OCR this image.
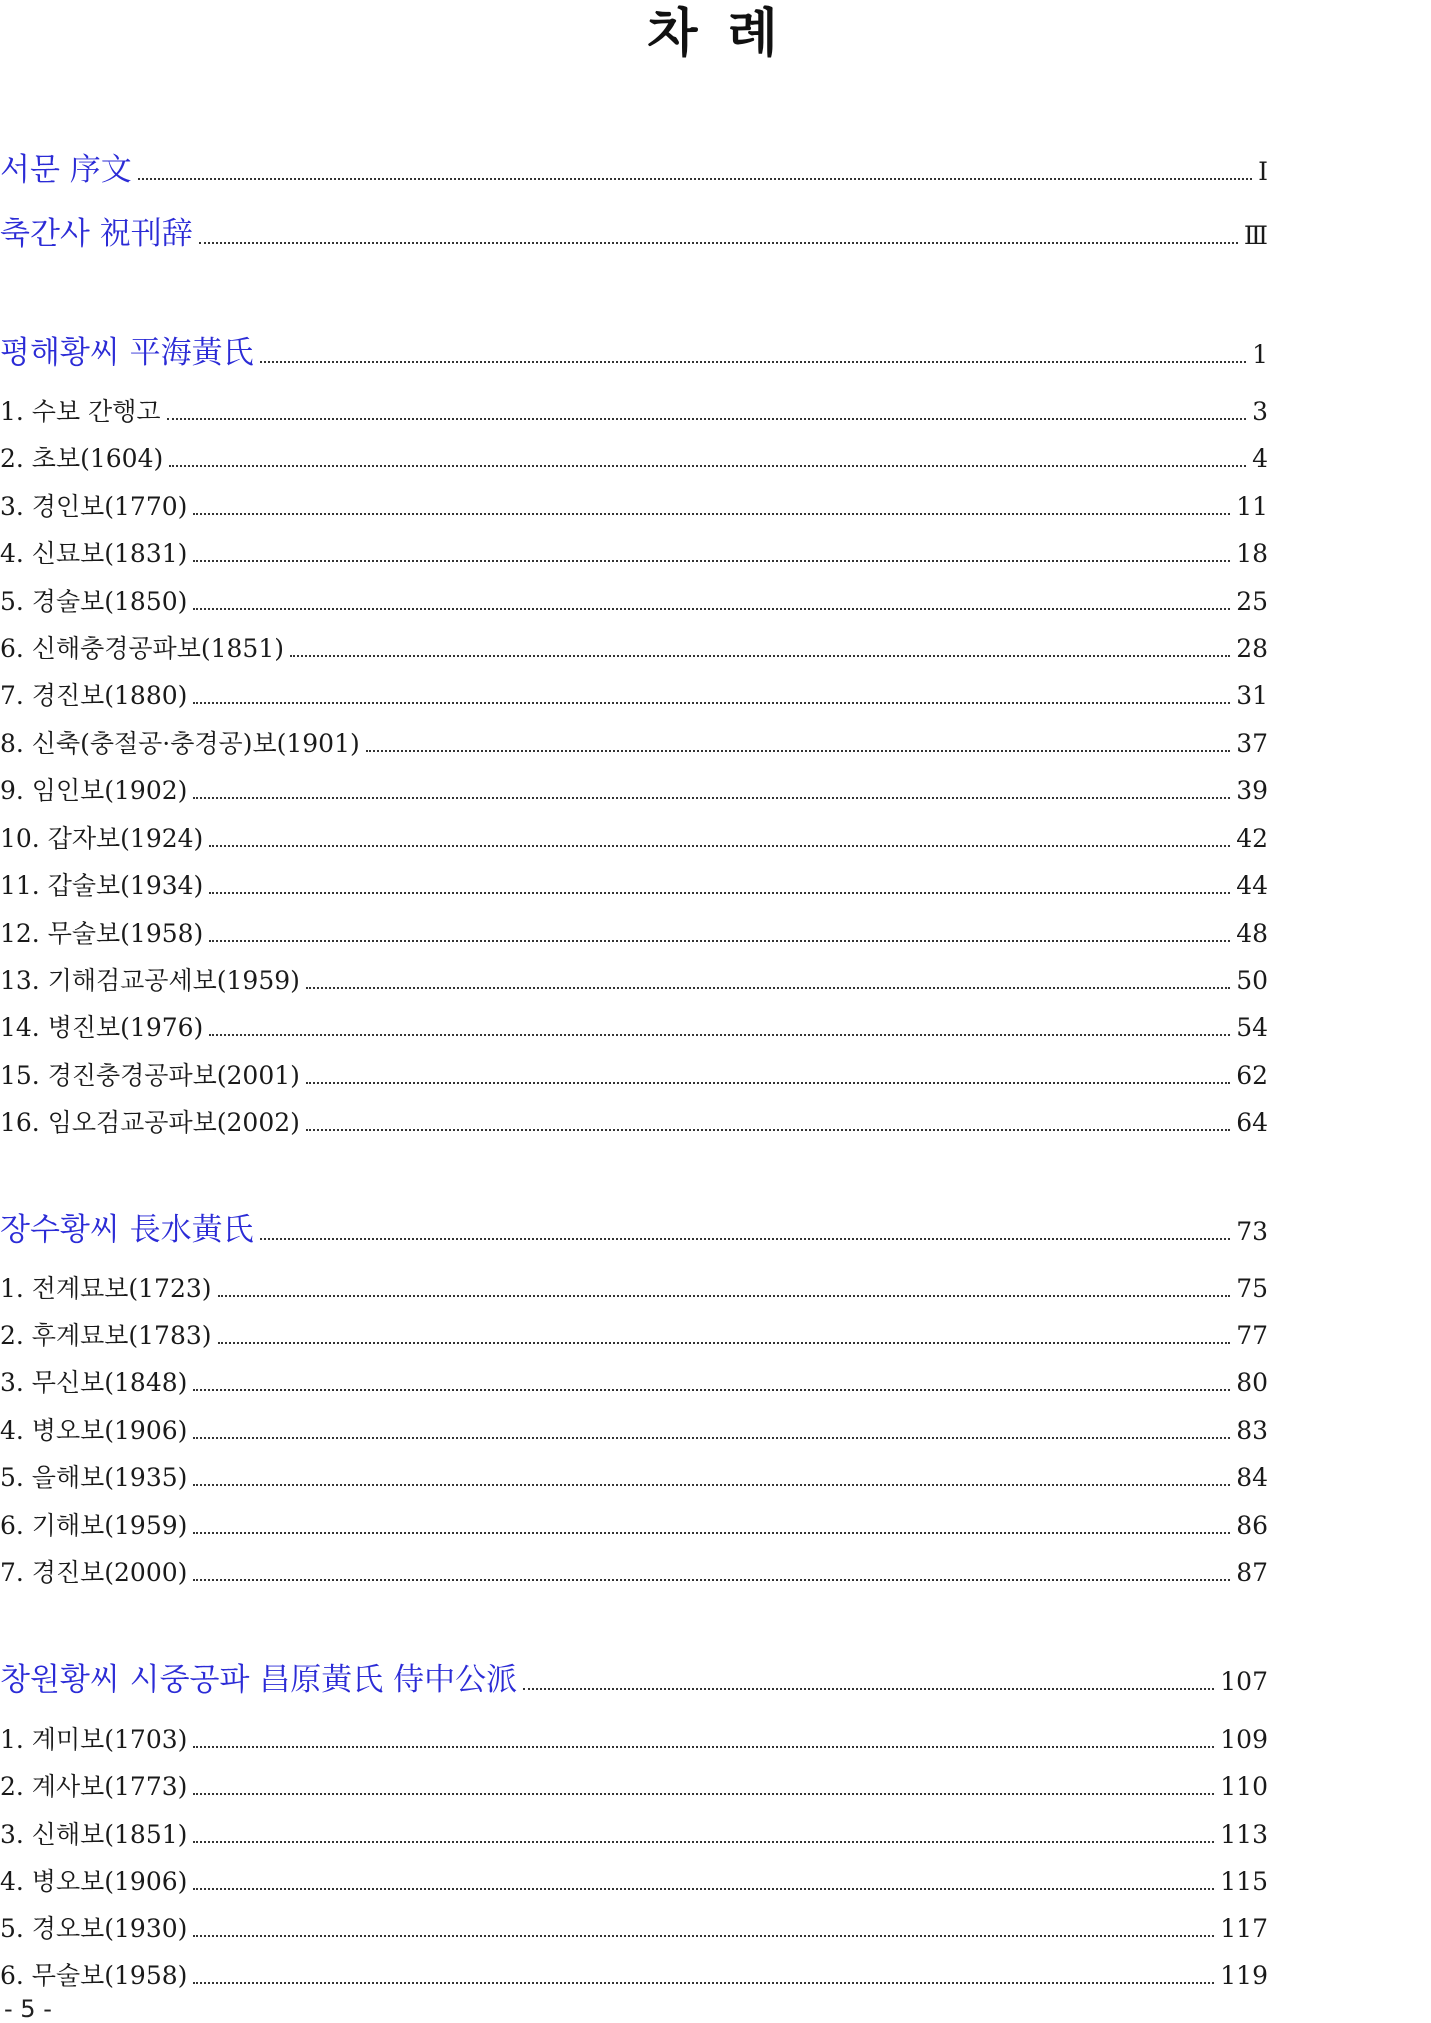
차 례
서문 序文	Ⅰ
축간사 祝刊辞	Ⅲ
평해황씨 平海黃氏	1
1. 수보 간행고	3
2. 초보(1604)	4
3. 경인보(1770)	11
4. 신묘보(1831)	18
5. 경술보(1850)	25
6. 신해충경공파보(1851)	28
7. 경진보(1880)	31
8. 신축(충절공·충경공)보(1901)	37
9. 임인보(1902)	39
10. 갑자보(1924)	42
11. 갑술보(1934)	44
12. 무술보(1958)	48
13. 기해검교공세보(1959)	50
14. 병진보(1976)	54
15. 경진충경공파보(2001)	62
16. 임오검교공파보(2002)	64
장수황씨 長水黃氏	73
1. 전계묘보(1723)	75
2. 후계묘보(1783)	77
3. 무신보(1848)	80
4. 병오보(1906)	83
5. 을해보(1935)	84
6. 기해보(1959)	86
7. 경진보(2000)	87
창원황씨 시중공파 昌原黃氏 侍中公派	107
1. 계미보(1703)	109
2. 계사보(1773)	110
3. 신해보(1851)	113
4. 병오보(1906)	115
5. 경오보(1930)	117
6. 무술보(1958)	119
- 5 -
